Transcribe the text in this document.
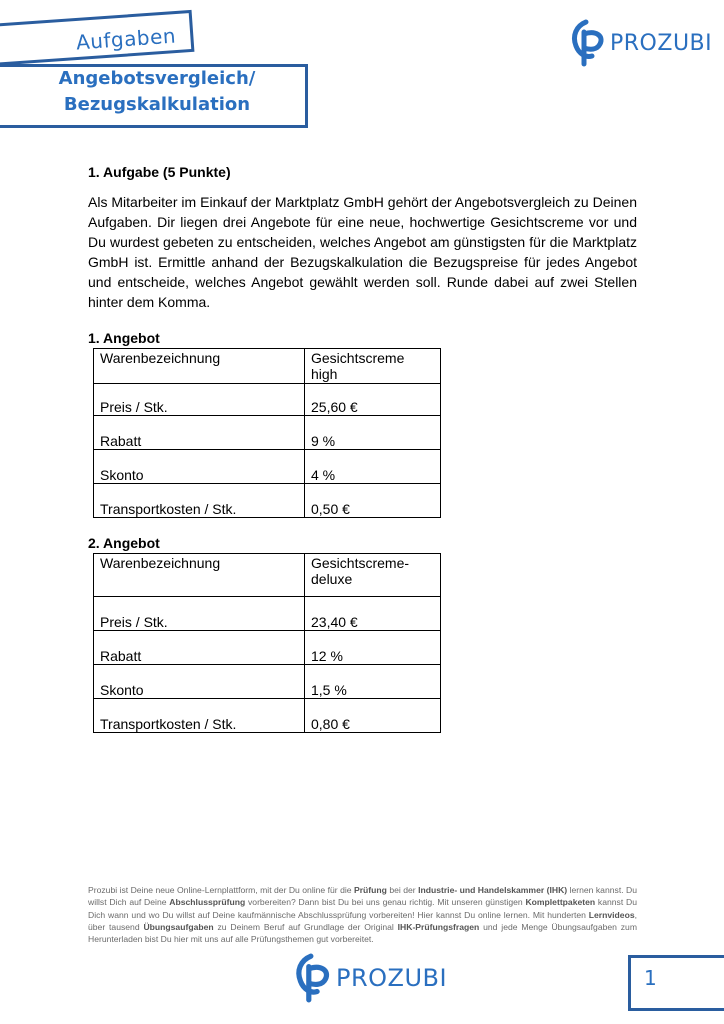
Aufgaben
Angebotsvergleich/
Bezugskalkulation
PROZUBI
1. Aufgabe (5 Punkte)
Als Mitarbeiter im Einkauf der Marktplatz GmbH gehört der Angebotsvergleich zu Deinen Aufgaben. Dir liegen drei Angebote für eine neue, hochwertige Gesichtscreme vor und Du wurdest gebeten zu entscheiden, welches Angebot am günstigsten für die Marktplatz GmbH ist. Ermittle anhand der Bezugskalkulation die Bezugspreise für jedes Angebot und entscheide, welches Angebot gewählt werden soll. Runde dabei auf zwei Stellen hinter dem Komma.
1. Angebot
Warenbezeichnung	Gesichtscreme high
Preis / Stk.	25,60 €
Rabatt	9 %
Skonto	4 %
Transportkosten / Stk.	0,50 €
2. Angebot
Warenbezeichnung	Gesichtscreme- deluxe
Preis / Stk.	23,40 €
Rabatt	12 %
Skonto	1,5 %
Transportkosten / Stk.	0,80 €
Prozubi ist Deine neue Online-Lernplattform, mit der Du online für die Prüfung bei der Industrie- und Handelskammer (IHK) lernen kannst. Du willst Dich auf Deine Abschlussprüfung vorbereiten? Dann bist Du bei uns genau richtig. Mit unseren günstigen Komplettpaketen kannst Du Dich wann und wo Du willst auf Deine kaufmännische Abschlussprüfung vorbereiten! Hier kannst Du online lernen. Mit hunderten Lernvideos, über tausend Übungsaufgaben zu Deinem Beruf auf Grundlage der Original IHK-Prüfungsfragen und jede Menge Übungsaufgaben zum Herunterladen bist Du hier mit uns auf alle Prüfungsthemen gut vorbereitet.
PROZUBI	1
